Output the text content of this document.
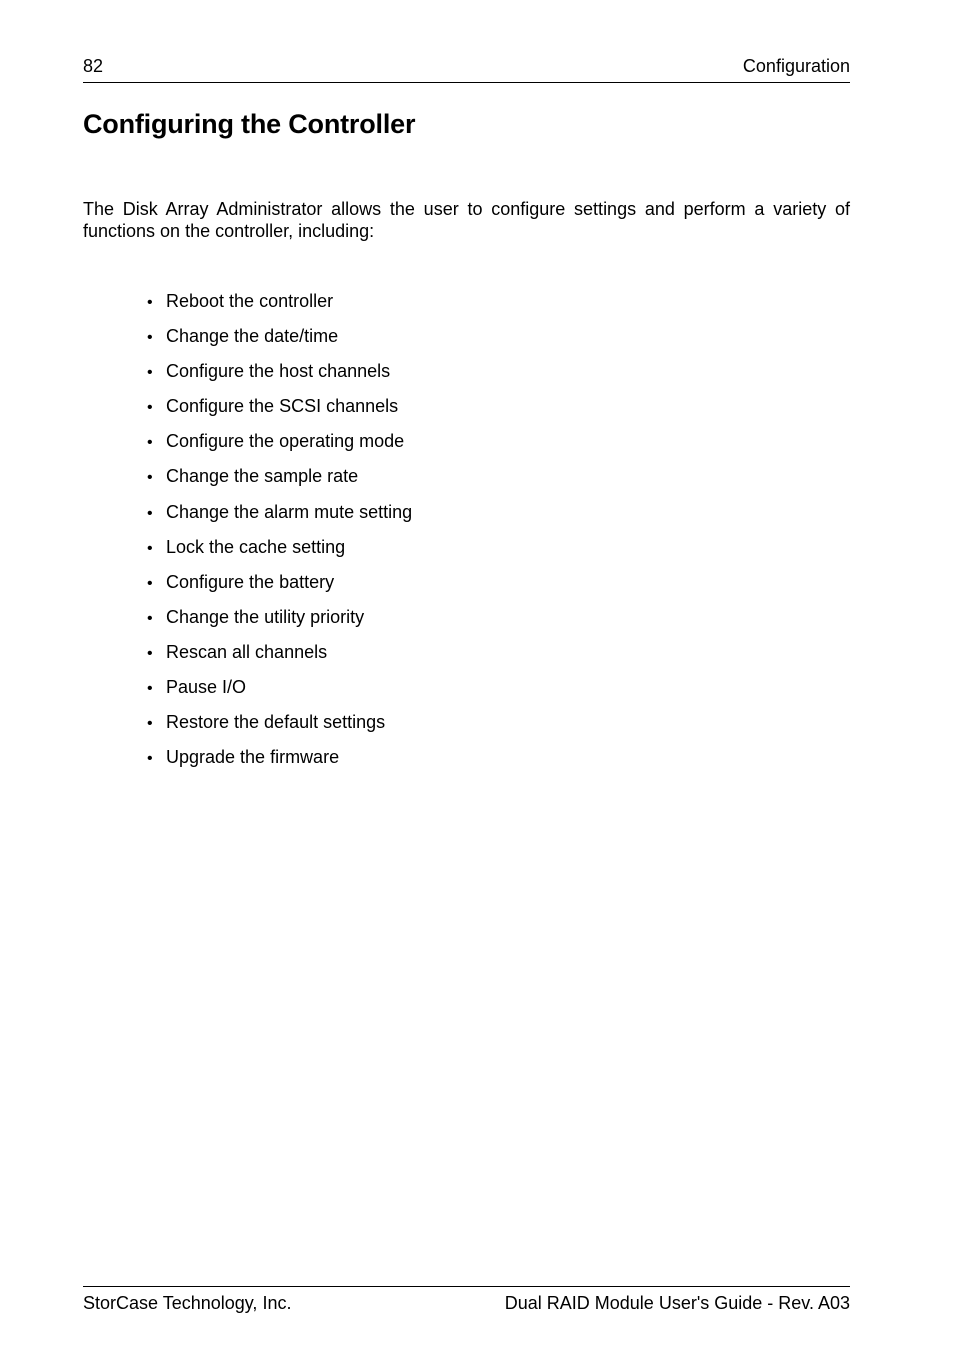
82	Configuration
Configuring the Controller

The Disk Array Administrator allows the user to configure settings and perform a variety of functions on the controller, including:

• Reboot the controller
• Change the date/time
• Configure the host channels
• Configure the SCSI channels
• Configure the operating mode
• Change the sample rate
• Change the alarm mute setting
• Lock the cache setting
• Configure the battery
• Change the utility priority
• Rescan all channels
• Pause I/O
• Restore the default settings
• Upgrade the firmware
StorCase Technology, Inc.	Dual RAID Module User's Guide - Rev. A03
